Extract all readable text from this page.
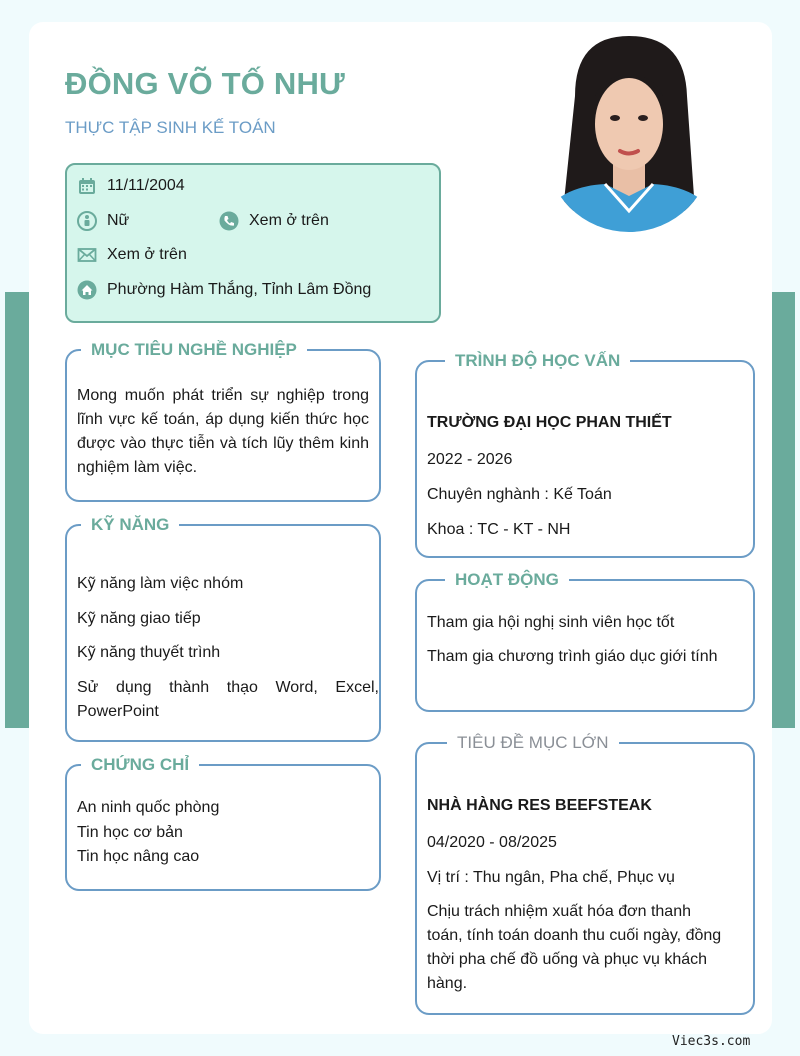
ĐỒNG VÕ TỐ NHƯ
THỰC TẬP SINH KẾ TOÁN
11/11/2004
Nữ	Xem ở trên
Xem ở trên
Phường Hàm Thắng, Tỉnh Lâm Đồng
MỤC TIÊU NGHỀ NGHIỆP
Mong muốn phát triển sự nghiệp trong lĩnh vực kế toán, áp dụng kiến thức học được vào thực tiễn và tích lũy thêm kinh nghiệm làm việc.
KỸ NĂNG
Kỹ năng làm việc nhóm
Kỹ năng giao tiếp
Kỹ năng thuyết trình
Sử dụng thành thạo Word, Excel, PowerPoint
CHỨNG CHỈ
An ninh quốc phòng
Tin học cơ bản
Tin học nâng cao
TRÌNH ĐỘ HỌC VẤN
TRƯỜNG ĐẠI HỌC PHAN THIẾT
2022 - 2026
Chuyên nghành : Kế Toán
Khoa : TC - KT - NH
HOẠT ĐỘNG
Tham gia hội nghị sinh viên học tốt
Tham gia chương trình giáo dục giới tính
TIÊU ĐỀ MỤC LỚN
NHÀ HÀNG RES BEEFSTEAK
04/2020 - 08/2025
Vị trí : Thu ngân, Pha chế, Phục vụ
Chịu trách nhiệm xuất hóa đơn thanh toán, tính toán doanh thu cuối ngày, đồng thời pha chế đồ uống và phục vụ khách hàng.
Viec3s.com
